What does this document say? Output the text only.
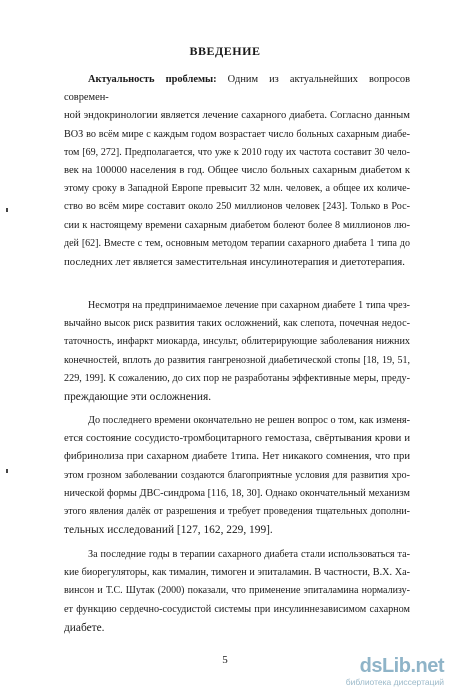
ВВЕДЕНИЕ
Актуальность проблемы: Одним из актуальнейших вопросов современ-
ной эндокринологии является лечение сахарного диабета. Согласно данным
ВОЗ во всём мире с каждым годом возрастает число больных сахарным диабе-
том [69, 272]. Предполагается, что уже к 2010 году их частота составит 30 чело-
век на 100000 населения в год. Общее число больных сахарным диабетом к
этому сроку в Западной Европе превысит 32 млн. человек, а общее их количе-
ство во всём мире составит около 250 миллионов человек [243]. Только в Рос-
сии к настоящему времени сахарным диабетом болеют более 8 миллионов лю-
дей [62]. Вместе с тем, основным методом терапии сахарного диабета 1 типа до
последних лет является заместительная инсулинотерапия и диетотерапия.
Несмотря на предпринимаемое лечение при сахарном диабете 1 типа чрез-
вычайно высок риск развития таких осложнений, как слепота, почечная недос-
таточность, инфаркт миокарда, инсульт, облитерирующие заболевания нижних
конечностей, вплоть до развития гангренозной диабетической стопы [18, 19, 51,
229, 199]. К сожалению, до сих пор не разработаны эффективные меры, преду-
преждающие эти осложнения.
До последнего времени окончательно не решен вопрос о том, как изменя-
ется состояние сосудисто-тромбоцитарного гемостаза, свёртывания крови и
фибринолиза при сахарном диабете 1типа. Нет никакого сомнения, что при
этом грозном заболевании создаются благоприятные условия для развития хро-
нической формы ДВС-синдрома [116, 18, 30]. Однако окончательный механизм
этого явления далёк от разрешения и требует проведения тщательных дополни-
тельных исследований [127, 162, 229, 199].
За последние годы в терапии сахарного диабета стали использоваться та-
кие биорегуляторы, как тималин, тимоген и эпиталамин. В частности, В.Х. Ха-
винсон и Т.С. Шутак (2000) показали, что применение эпиталамина нормализу-
ет функцию сердечно-сосудистой системы при инсулиннезависимом сахарном
диабете.
5	dsLib.net
библиотека диссертаций
